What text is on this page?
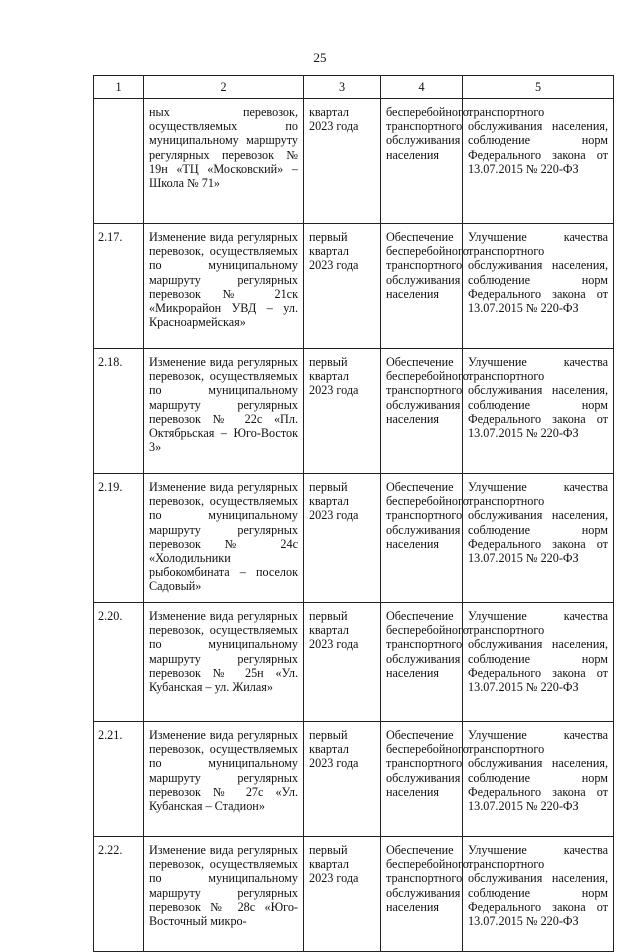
25
1	2	3	4	5
	ных перевозок, осуществляемых по муниципальному маршруту регулярных перевозок № 19н «ТЦ «Московский» – Школа № 71»	квартал 2023 года	бесперебойного транспортного обслуживания населения	транспортного обслуживания населения, соблюдение норм Федерального закона от 13.07.2015 № 220-ФЗ
2.17.	Изменение вида регулярных перевозок, осуществляемых по муниципальному маршруту регулярных перевозок № 21ск «Микрорайон УВД – ул. Красноармейская»	первый квартал 2023 года	Обеспечение бесперебойного транспортного обслуживания населения	Улучшение качества транспортного обслуживания населения, соблюдение норм Федерального закона от 13.07.2015 № 220-ФЗ
2.18.	Изменение вида регулярных перевозок, осуществляемых по муниципальному маршруту регулярных перевозок № 22с «Пл. Октябрьская – Юго-Восток 3»	первый квартал 2023 года	Обеспечение бесперебойного транспортного обслуживания населения	Улучшение качества транспортного обслуживания населения, соблюдение норм Федерального закона от 13.07.2015 № 220-ФЗ
2.19.	Изменение вида регулярных перевозок, осуществляемых по муниципальному маршруту регулярных перевозок № 24с «Холодильники рыбокомбината – поселок Садовый»	первый квартал 2023 года	Обеспечение бесперебойного транспортного обслуживания населения	Улучшение качества транспортного обслуживания населения, соблюдение норм Федерального закона от 13.07.2015 № 220-ФЗ
2.20.	Изменение вида регулярных перевозок, осуществляемых по муниципальному маршруту регулярных перевозок № 25н «Ул. Кубанская – ул. Жилая»	первый квартал 2023 года	Обеспечение бесперебойного транспортного обслуживания населения	Улучшение качества транспортного обслуживания населения, соблюдение норм Федерального закона от 13.07.2015 № 220-ФЗ
2.21.	Изменение вида регулярных перевозок, осуществляемых по муниципальному маршруту регулярных перевозок № 27с «Ул. Кубанская – Стадион»	первый квартал 2023 года	Обеспечение бесперебойного транспортного обслуживания населения	Улучшение качества транспортного обслуживания населения, соблюдение норм Федерального закона от 13.07.2015 № 220-ФЗ
2.22.	Изменение вида регулярных перевозок, осуществляемых по муниципальному маршруту регулярных перевозок № 28с «Юго-Восточный микро-	первый квартал 2023 года	Обеспечение бесперебойного транспортного обслуживания населения	Улучшение качества транспортного обслуживания населения, соблюдение норм Федерального закона от 13.07.2015 № 220-ФЗ
